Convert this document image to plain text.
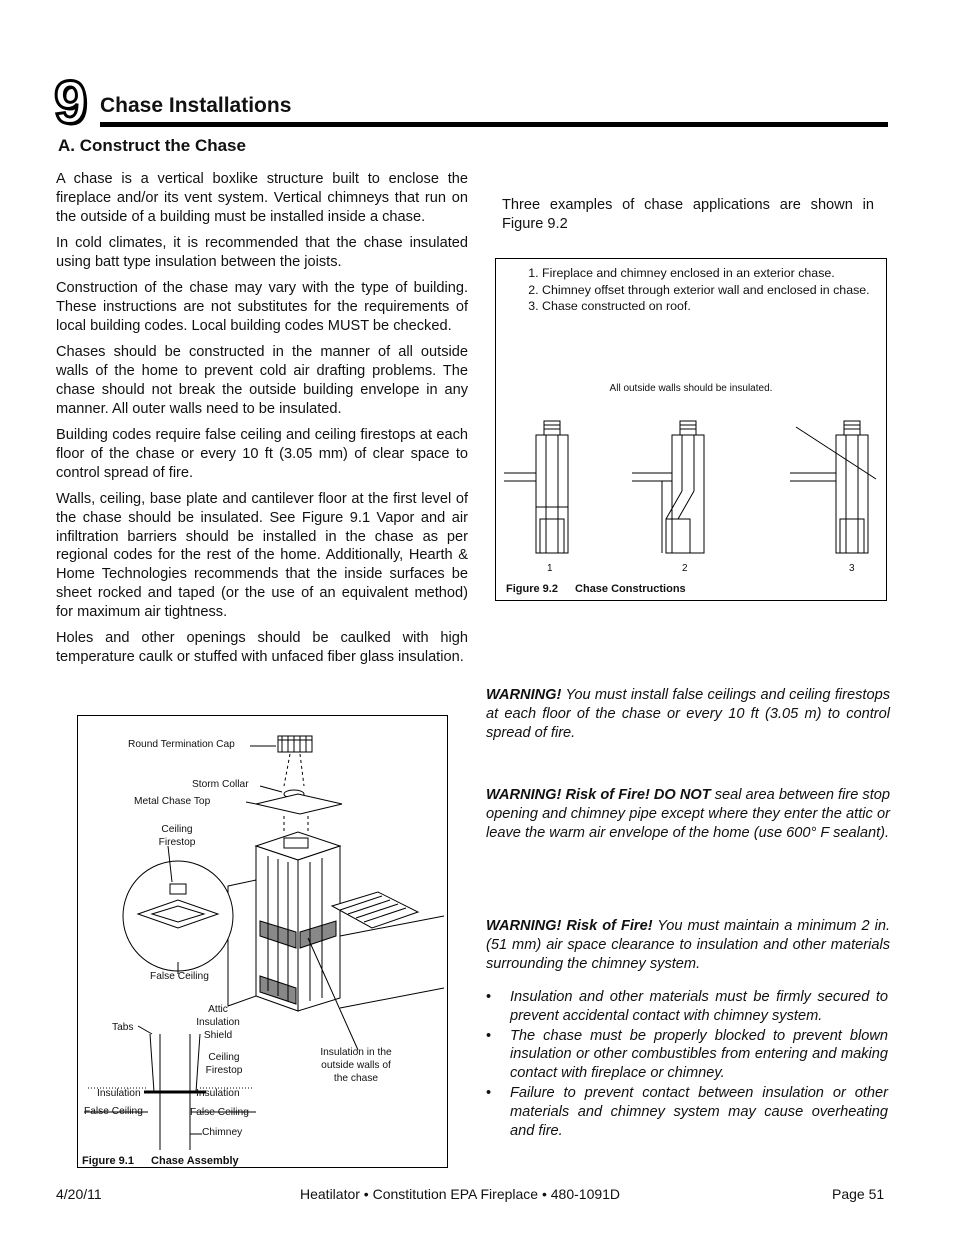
9 Chase Installations
A. Construct the Chase

A chase is a vertical boxlike structure built to enclose the fireplace and/or its vent system. Vertical chimneys that run on the outside of a building must be installed inside a chase.

In cold climates, it is recommended that the chase insulated using batt type insulation between the joists.

Construction of the chase may vary with the type of building. These instructions are not substitutes for the requirements of local building codes. Local building codes MUST be checked.

Chases should be constructed in the manner of all outside walls of the home to prevent cold air drafting problems. The chase should not break the outside building envelope in any manner. All outer walls need to be insulated.

Building codes require false ceiling and ceiling firestops at each floor of the chase or every 10 ft (3.05 mm) of clear space to control spread of fire.

Walls, ceiling, base plate and cantilever floor at the first level of the chase should be insulated. See Figure 9.1 Vapor and air infiltration barriers should be installed in the chase as per regional codes for the rest of the home. Additionally, Hearth & Home Technologies recommends that the inside surfaces be sheet rocked and taped (or the use of an equivalent method) for maximum air tightness.

Holes and other openings should be caulked with high temperature caulk or stuffed with unfaced fiber glass insulation.

Three examples of chase applications are shown in Figure 9.2
1. Fireplace and chimney enclosed in an exterior chase.
2. Chimney offset through exterior wall and enclosed in chase.
3. Chase constructed on roof.
All outside walls should be insulated.
1	2	3
Figure 9.2 Chase Constructions
WARNING! You must install false ceilings and ceiling firestops at each floor of the chase or every 10 ft (3.05 m) to control spread of fire.
WARNING! Risk of Fire! DO NOT seal area between fire stop opening and chimney pipe except where they enter the attic or leave the warm air envelope of the home (use 600° F sealant).
WARNING! Risk of Fire! You must maintain a minimum 2 in. (51 mm) air space clearance to insulation and other materials surrounding the chimney system.
• Insulation and other materials must be firmly secured to prevent accidental contact with chimney system.
• The chase must be properly blocked to prevent blown insulation or other combustibles from entering and making contact with fireplace or chimney.
• Failure to prevent contact between insulation or other materials and chimney system may cause overheating and fire.
Round Termination Cap
Storm Collar
Metal Chase Top
Ceiling Firestop
False Ceiling
Attic Insulation Shield
Tabs
Ceiling Firestop
Insulation in the outside walls of the chase
Insulation	Insulation
False Ceiling	False Ceiling
Chimney
Figure 9.1 Chase Assembly
4/20/11	Heatilator • Constitution EPA Fireplace • 480-1091D	Page 51
